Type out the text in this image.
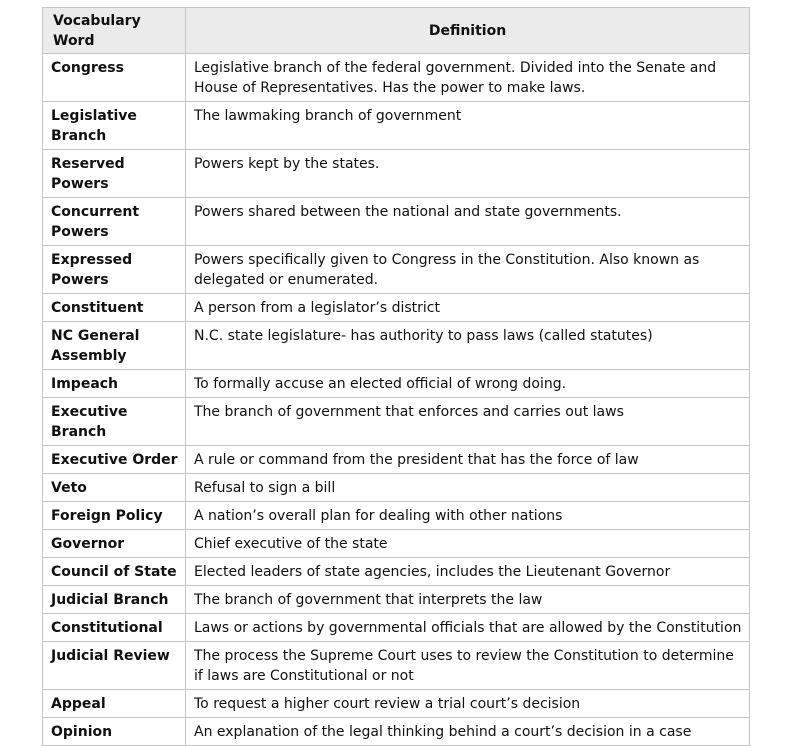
Vocabulary Word	Definition
Congress	Legislative branch of the federal government. Divided into the Senate and House of Representatives. Has the power to make laws.
Legislative Branch	The lawmaking branch of government
Reserved Powers	Powers kept by the states.
Concurrent Powers	Powers shared between the national and state governments.
Expressed Powers	Powers specifically given to Congress in the Constitution. Also known as delegated or enumerated.
Constituent	A person from a legislator’s district
NC General Assembly	N.C. state legislature- has authority to pass laws (called statutes)
Impeach	To formally accuse an elected official of wrong doing.
Executive Branch	The branch of government that enforces and carries out laws
Executive Order	A rule or command from the president that has the force of law
Veto	Refusal to sign a bill
Foreign Policy	A nation’s overall plan for dealing with other nations
Governor	Chief executive of the state
Council of State	Elected leaders of state agencies, includes the Lieutenant Governor
Judicial Branch	The branch of government that interprets the law
Constitutional	Laws or actions by governmental officials that are allowed by the Constitution
Judicial Review	The process the Supreme Court uses to review the Constitution to determine if laws are Constitutional or not
Appeal	To request a higher court review a trial court’s decision
Opinion	An explanation of the legal thinking behind a court’s decision in a case
